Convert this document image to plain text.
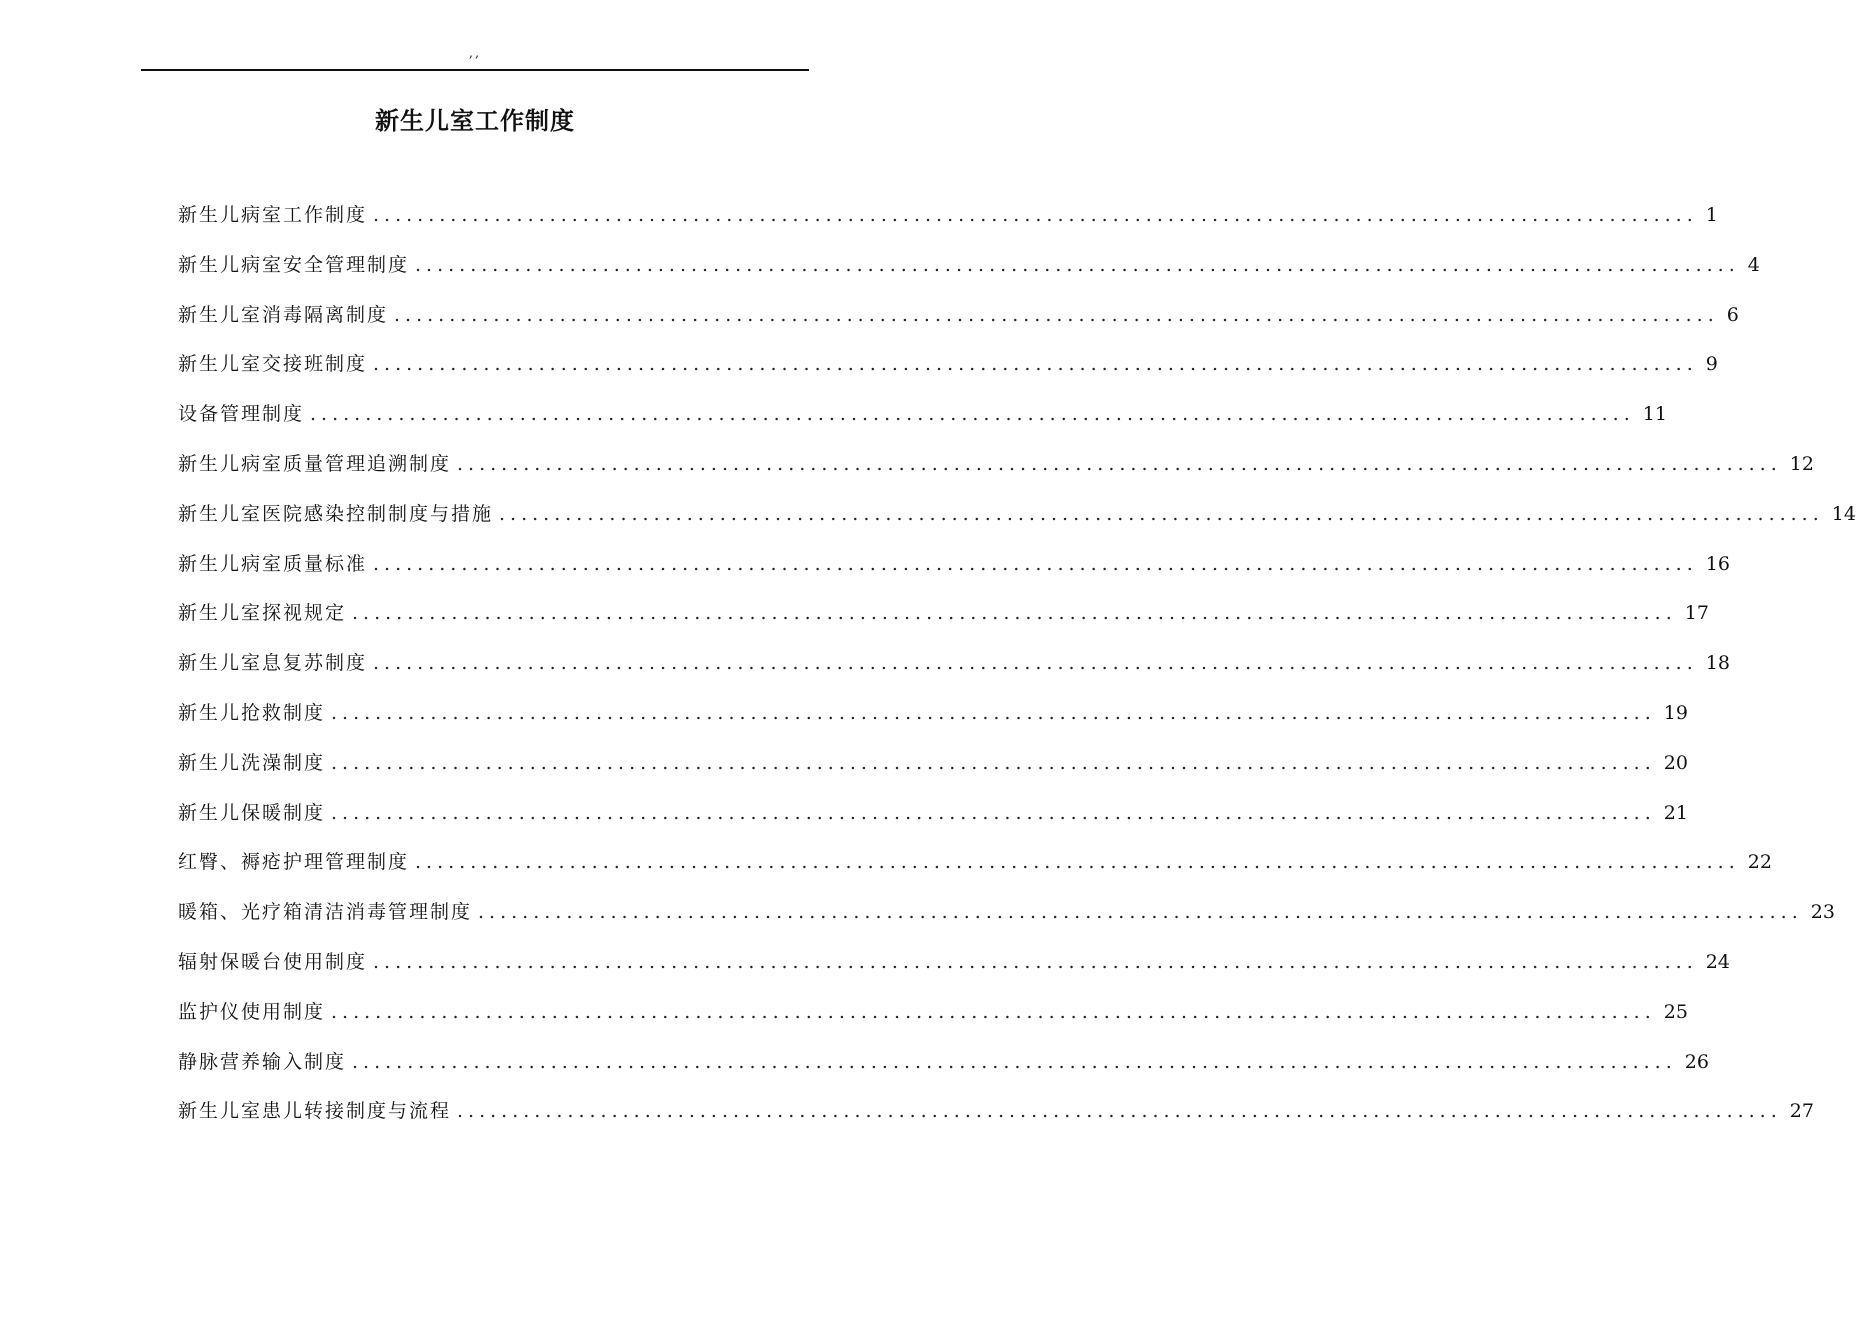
,,
新生儿室工作制度
新生儿病室工作制度 ........................................................................................................................ 1
新生儿病室安全管理制度 ........................................................................................................................ 4
新生儿室消毒隔离制度 ........................................................................................................................ 6
新生儿室交接班制度 ........................................................................................................................ 9
设备管理制度 ........................................................................................................................ 11
新生儿病室质量管理追溯制度 ........................................................................................................................ 12
新生儿室医院感染控制制度与措施 ........................................................................................................................ 14
新生儿病室质量标准 ........................................................................................................................ 16
新生儿室探视规定 ........................................................................................................................ 17
新生儿室息复苏制度 ........................................................................................................................ 18
新生儿抢救制度 ........................................................................................................................ 19
新生儿洗澡制度 ........................................................................................................................ 20
新生儿保暖制度 ........................................................................................................................ 21
红臀、褥疮护理管理制度 ........................................................................................................................ 22
暖箱、光疗箱清洁消毒管理制度 ........................................................................................................................ 23
辐射保暖台使用制度 ........................................................................................................................ 24
监护仪使用制度 ........................................................................................................................ 25
静脉营养输入制度 ........................................................................................................................ 26
新生儿室患儿转接制度与流程 ........................................................................................................................ 27
